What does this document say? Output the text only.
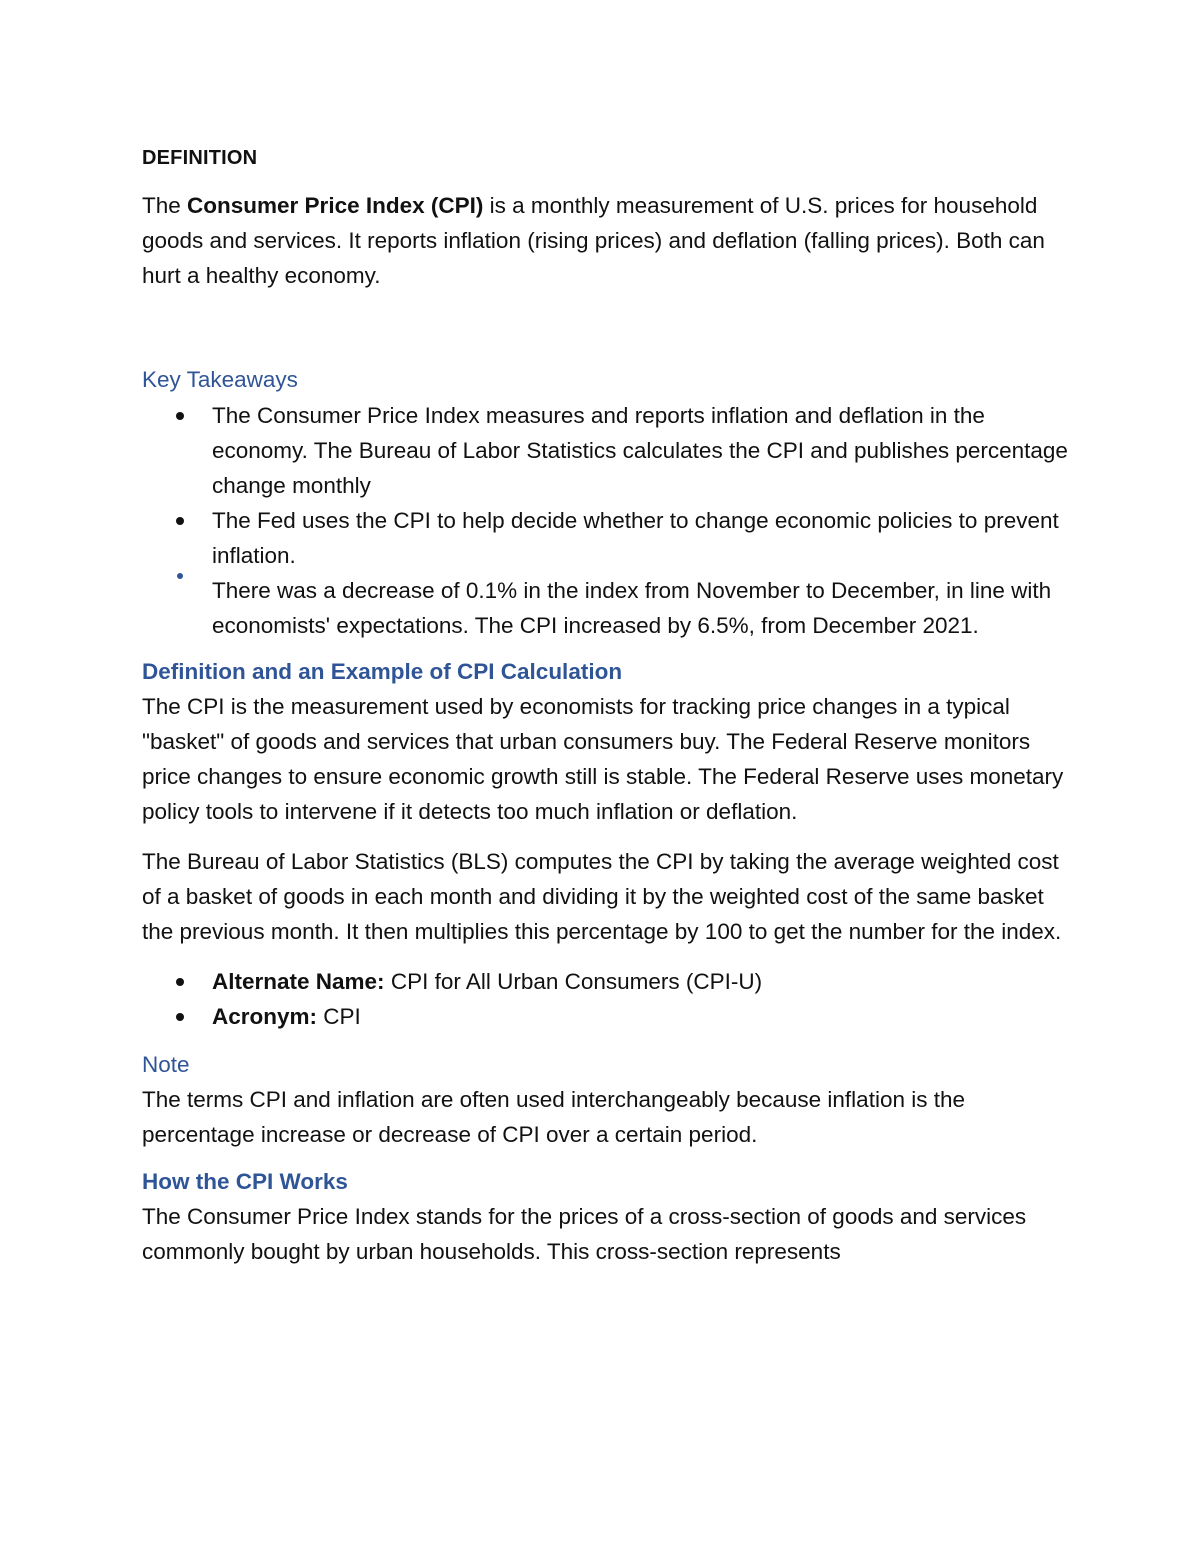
DEFINITION

The Consumer Price Index (CPI) is a monthly measurement of U.S. prices for household goods and services. It reports inflation (rising prices) and deflation (falling prices). Both can hurt a healthy economy.

Key Takeaways
The Consumer Price Index measures and reports inflation and deflation in the economy. The Bureau of Labor Statistics calculates the CPI and publishes percentage change monthly
The Fed uses the CPI to help decide whether to change economic policies to prevent inflation.
There was a decrease of 0.1% in the index from November to December, in line with economists' expectations. The CPI increased by 6.5%, from December 2021.
Definition and an Example of CPI Calculation

The CPI is the measurement used by economists for tracking price changes in a typical "basket" of goods and services that urban consumers buy. The Federal Reserve monitors price changes to ensure economic growth still is stable. The Federal Reserve uses monetary policy tools to intervene if it detects too much inflation or deflation.

The Bureau of Labor Statistics (BLS) computes the CPI by taking the average weighted cost of a basket of goods in each month and dividing it by the weighted cost of the same basket the previous month. It then multiplies this percentage by 100 to get the number for the index.

Alternate Name: CPI for All Urban Consumers (CPI-U)
Acronym: CPI
Note

The terms CPI and inflation are often used interchangeably because inflation is the percentage increase or decrease of CPI over a certain period.

How the CPI Works

The Consumer Price Index stands for the prices of a cross-section of goods and services commonly bought by urban households. This cross-section represents
